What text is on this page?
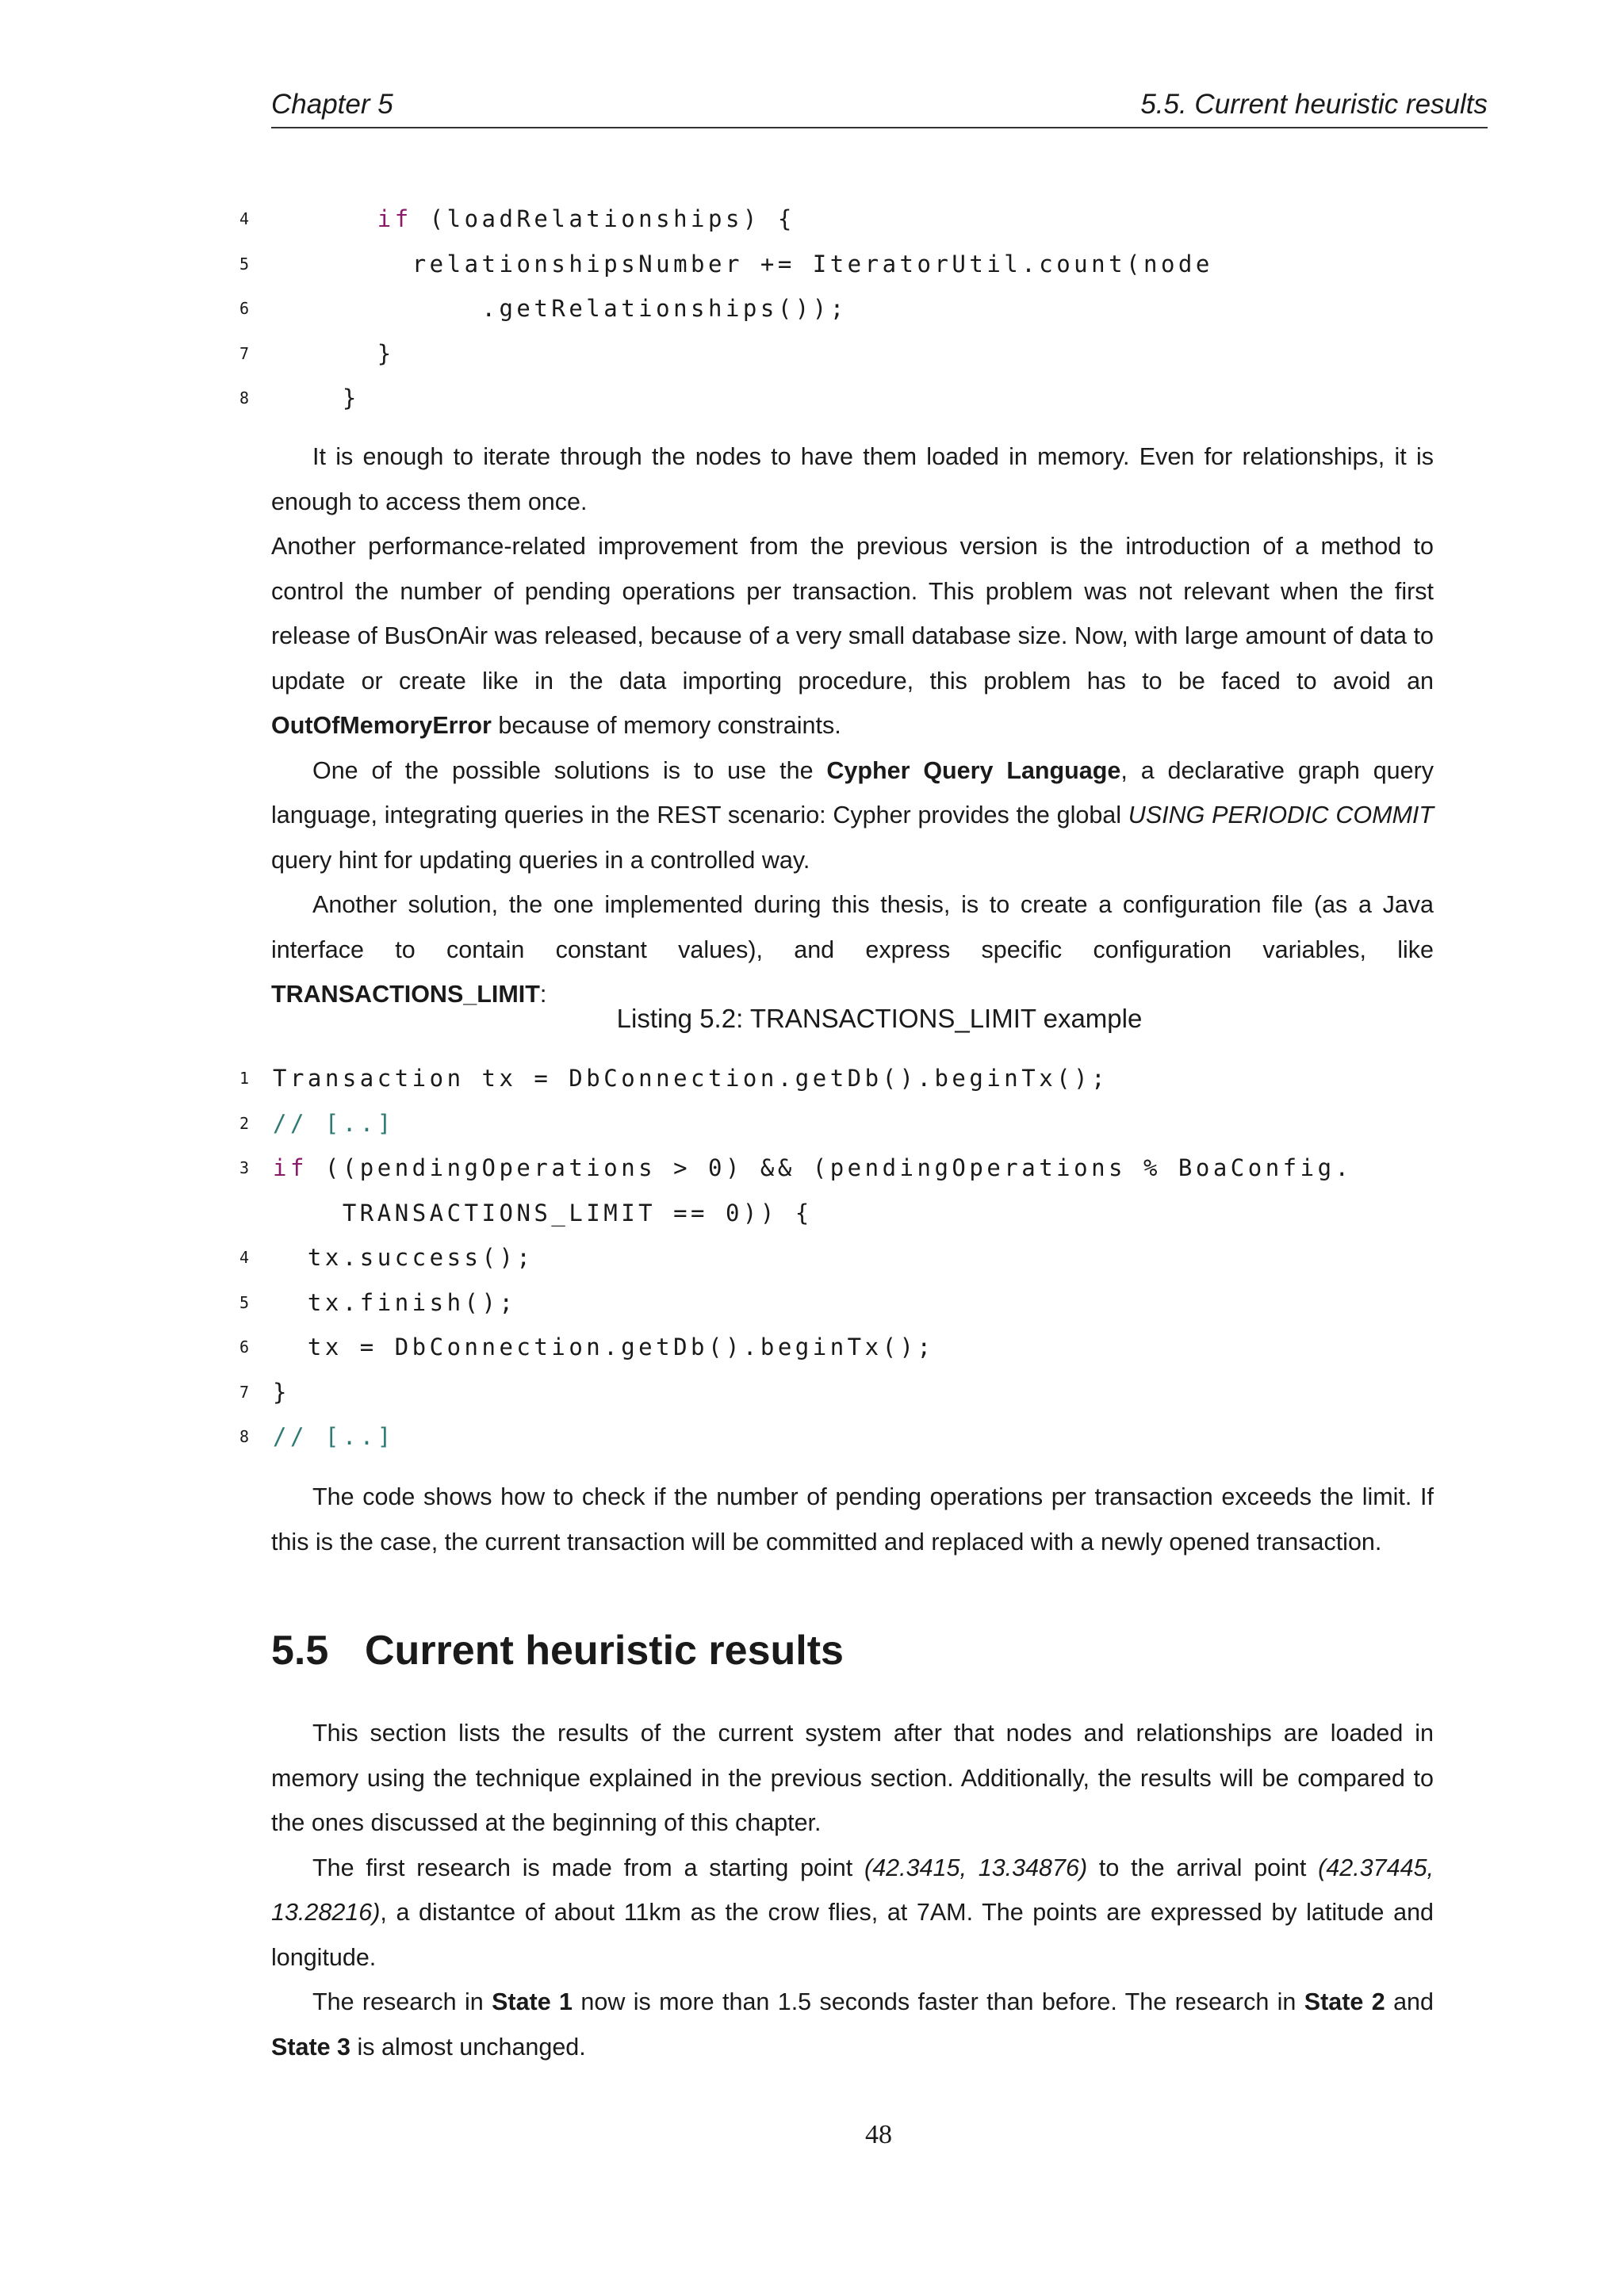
Chapter 5	5.5. Current heuristic results
4	if (loadRelationships) {
5	relationshipsNumber += IteratorUtil.count(node
6	.getRelationships());
7	}
8	}

It is enough to iterate through the nodes to have them loaded in memory. Even for relationships, it is enough to access them once.

Another performance-related improvement from the previous version is the introduction of a method to control the number of pending operations per transaction. This problem was not relevant when the first release of BusOnAir was released, because of a very small database size. Now, with large amount of data to update or create like in the data importing procedure, this problem has to be faced to avoid an OutOfMemoryError because of memory constraints.

One of the possible solutions is to use the Cypher Query Language, a declarative graph query language, integrating queries in the REST scenario: Cypher provides the global USING PERIODIC COMMIT query hint for updating queries in a controlled way.

Another solution, the one implemented during this thesis, is to create a configuration file (as a Java interface to contain constant values), and express specific configuration variables, like TRANSACTIONS_LIMIT:

Listing 5.2: TRANSACTIONS_LIMIT example
1 Transaction tx = DbConnection.getDb().beginTx();
2 // [..]
3 if ((pendingOperations > 0) && (pendingOperations % BoaConfig.
TRANSACTIONS_LIMIT == 0)) {
4	tx.success();
5	tx.finish();
6	tx = DbConnection.getDb().beginTx();
7 }
8 // [..]

The code shows how to check if the number of pending operations per transaction exceeds the limit. If this is the case, the current transaction will be committed and replaced with a newly opened transaction.

5.5 Current heuristic results

This section lists the results of the current system after that nodes and relationships are loaded in memory using the technique explained in the previous section. Additionally, the results will be compared to the ones discussed at the beginning of this chapter.

The first research is made from a starting point (42.3415, 13.34876) to the arrival point (42.37445, 13.28216), a distantce of about 11km as the crow flies, at 7AM. The points are expressed by latitude and longitude.

The research in State 1 now is more than 1.5 seconds faster than before. The research in State 2 and State 3 is almost unchanged.

48
